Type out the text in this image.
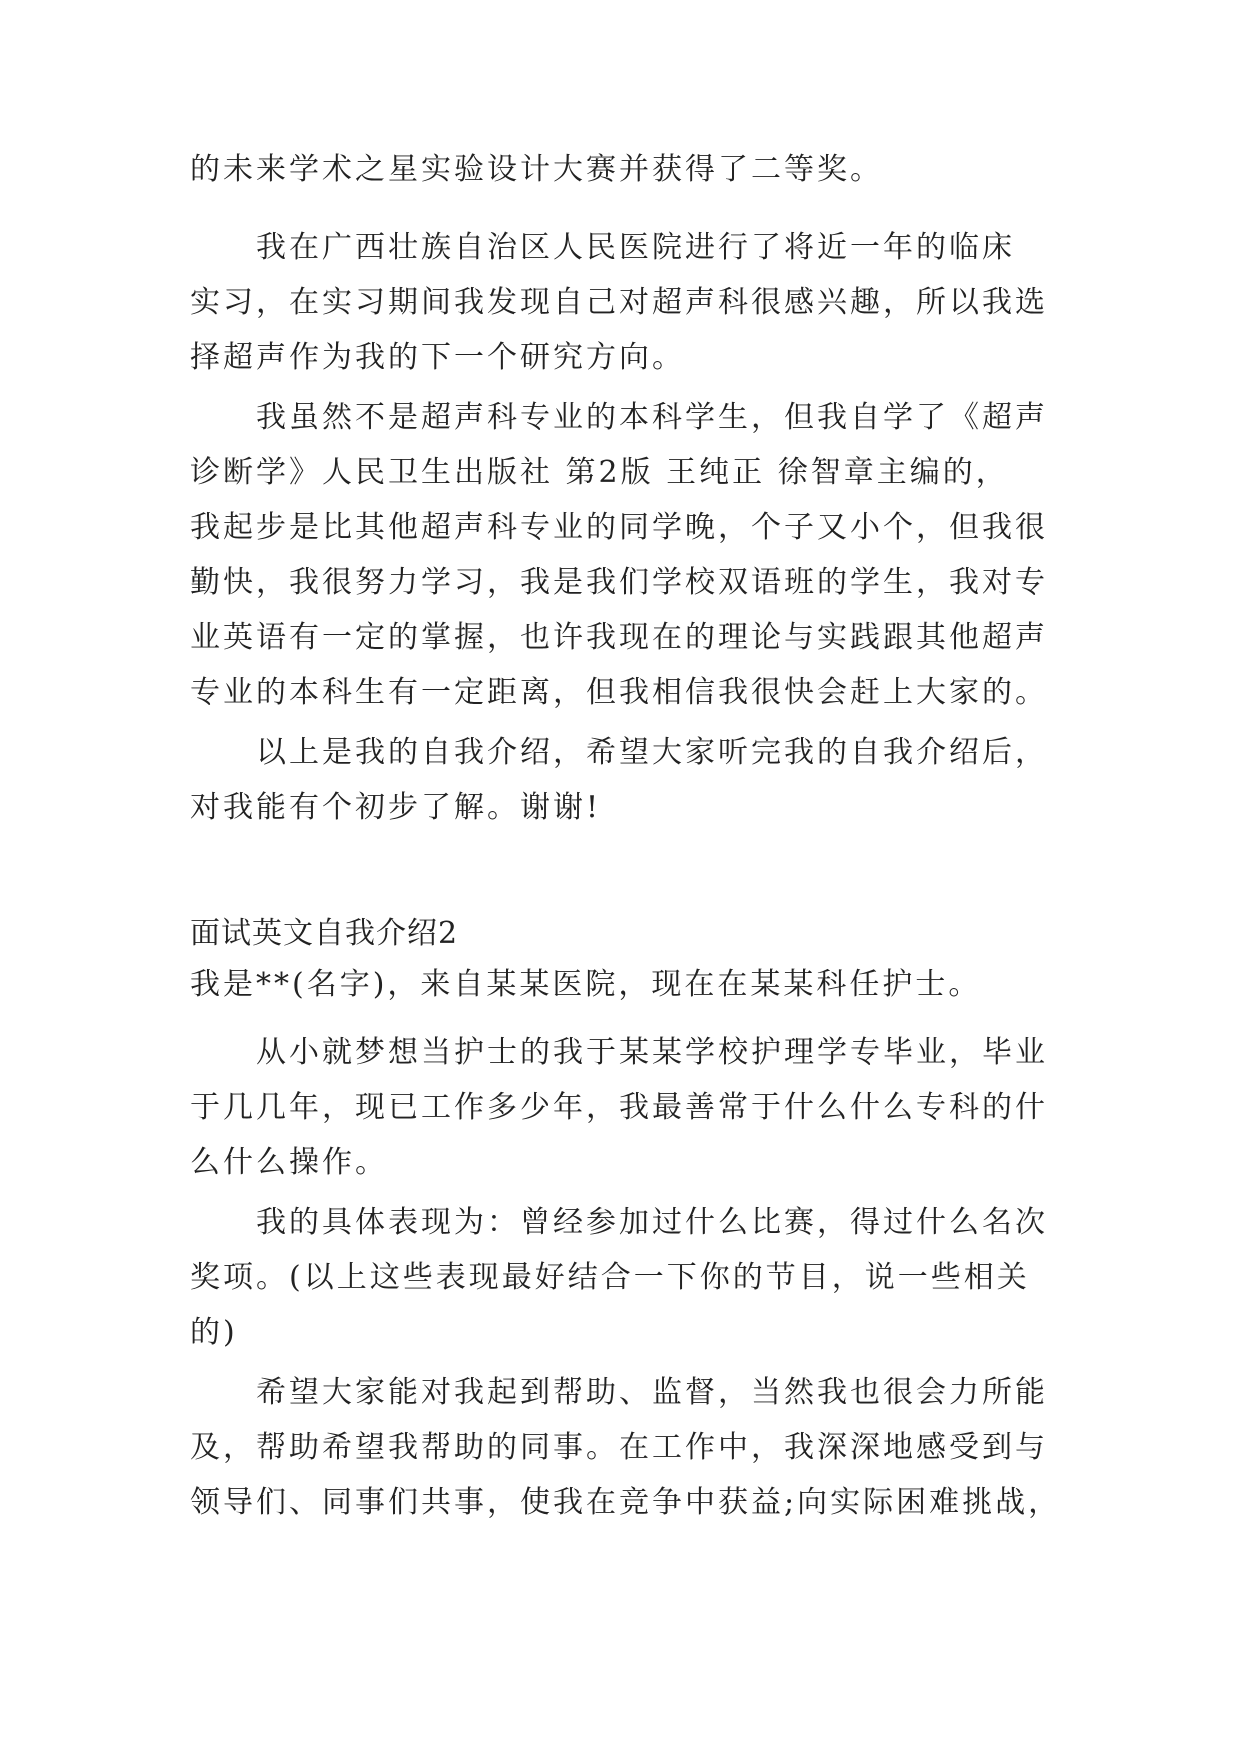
的未来学术之星实验设计大赛并获得了二等奖。
我在广西壮族自治区人民医院进行了将近一年的临床
实习，在实习期间我发现自己对超声科很感兴趣，所以我选
择超声作为我的下一个研究方向。
我虽然不是超声科专业的本科学生，但我自学了《超声
诊断学》人民卫生出版社 第2版 王纯正 徐智章主编的，
我起步是比其他超声科专业的同学晚，个子又小个，但我很
勤快，我很努力学习，我是我们学校双语班的学生，我对专
业英语有一定的掌握，也许我现在的理论与实践跟其他超声
专业的本科生有一定距离，但我相信我很快会赶上大家的。
以上是我的自我介绍，希望大家听完我的自我介绍后，
对我能有个初步了解。谢谢!
面试英文自我介绍2
我是**(名字)，来自某某医院，现在在某某科任护士。
从小就梦想当护士的我于某某学校护理学专毕业，毕业
于几几年，现已工作多少年，我最善常于什么什么专科的什
么什么操作。
我的具体表现为：曾经参加过什么比赛，得过什么名次
奖项。(以上这些表现最好结合一下你的节目，说一些相关
的)
希望大家能对我起到帮助、监督，当然我也很会力所能
及，帮助希望我帮助的同事。在工作中，我深深地感受到与
领导们、同事们共事，使我在竞争中获益;向实际困难挑战，
